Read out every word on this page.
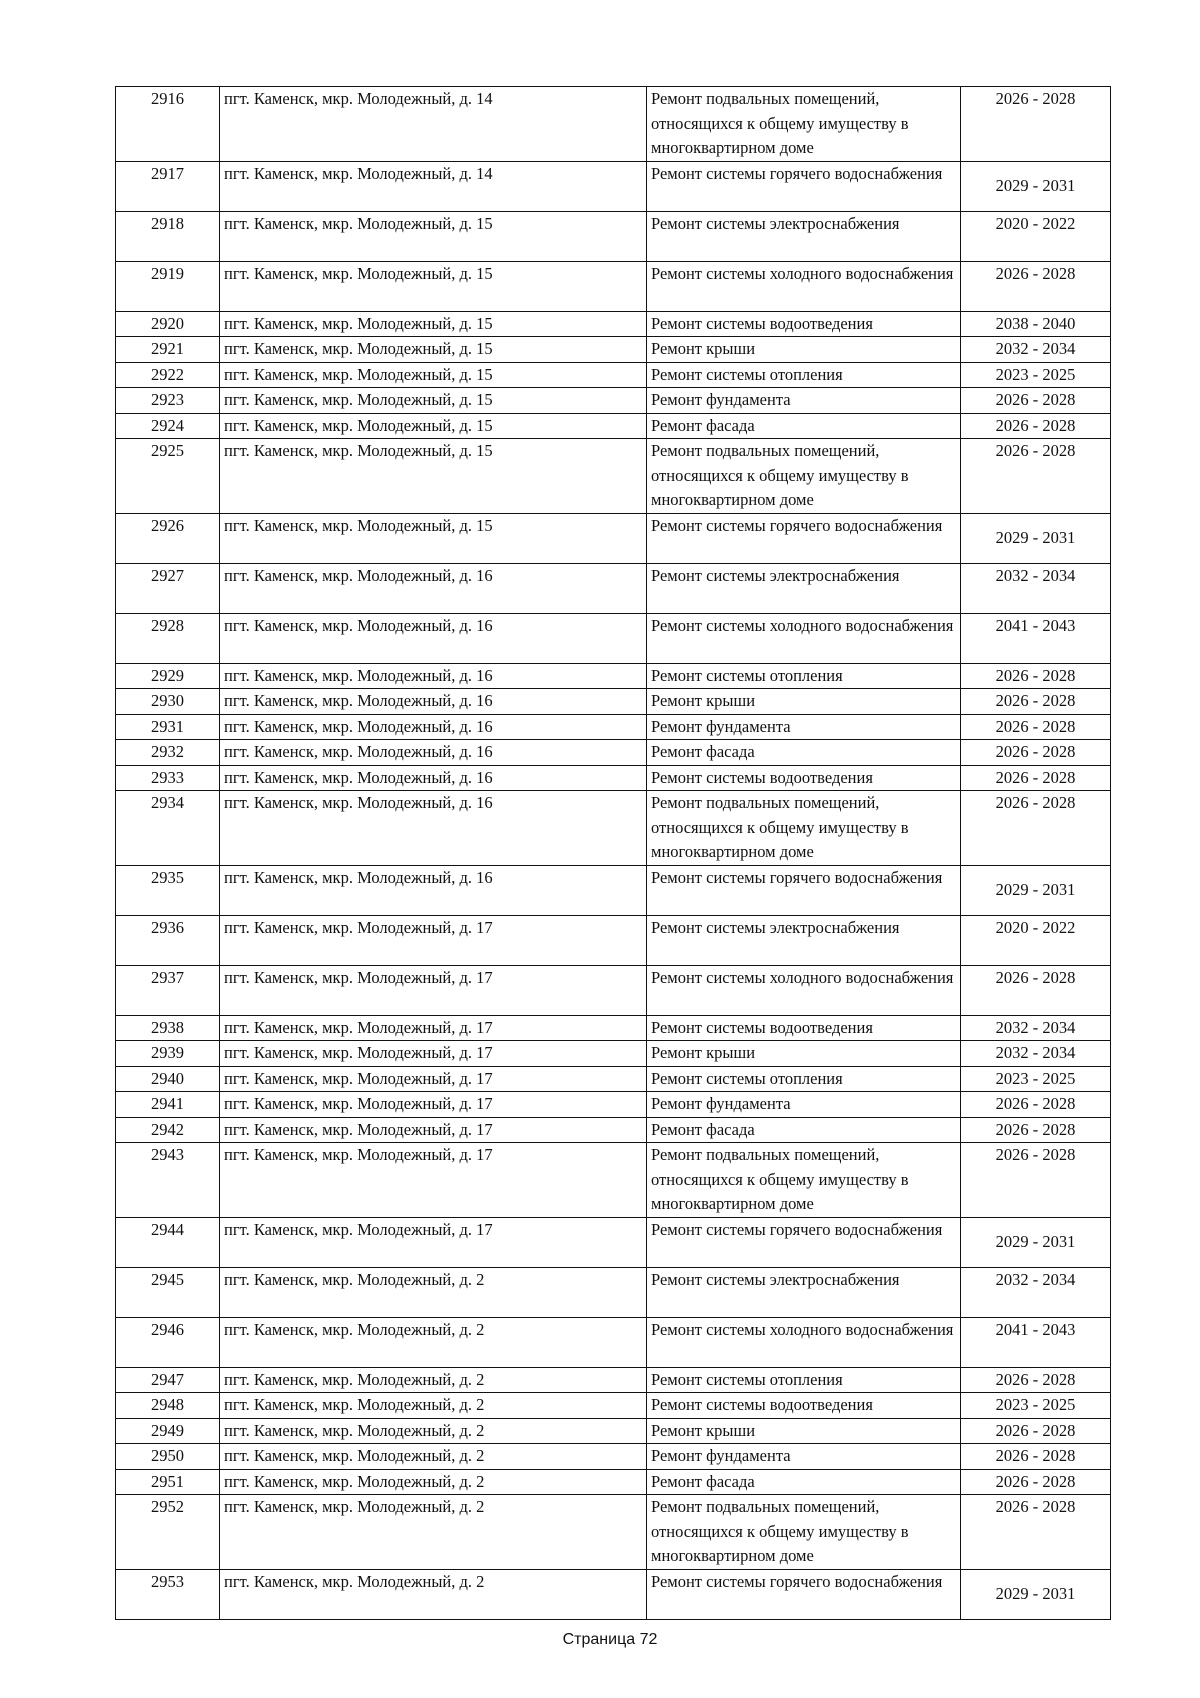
2916	пгт. Каменск, мкр. Молодежный, д. 14	Ремонт подвальных помещений, относящихся к общему имуществу в многоквартирном доме	2026 - 2028
2917	пгт. Каменск, мкр. Молодежный, д. 14	Ремонт системы горячего водоснабжения	2029 - 2031
2918	пгт. Каменск, мкр. Молодежный, д. 15	Ремонт системы электроснабжения	2020 - 2022
2919	пгт. Каменск, мкр. Молодежный, д. 15	Ремонт системы холодного водоснабжения	2026 - 2028
2920	пгт. Каменск, мкр. Молодежный, д. 15	Ремонт системы водоотведения	2038 - 2040
2921	пгт. Каменск, мкр. Молодежный, д. 15	Ремонт крыши	2032 - 2034
2922	пгт. Каменск, мкр. Молодежный, д. 15	Ремонт системы отопления	2023 - 2025
2923	пгт. Каменск, мкр. Молодежный, д. 15	Ремонт фундамента	2026 - 2028
2924	пгт. Каменск, мкр. Молодежный, д. 15	Ремонт фасада	2026 - 2028
2925	пгт. Каменск, мкр. Молодежный, д. 15	Ремонт подвальных помещений, относящихся к общему имуществу в многоквартирном доме	2026 - 2028
2926	пгт. Каменск, мкр. Молодежный, д. 15	Ремонт системы горячего водоснабжения	2029 - 2031
2927	пгт. Каменск, мкр. Молодежный, д. 16	Ремонт системы электроснабжения	2032 - 2034
2928	пгт. Каменск, мкр. Молодежный, д. 16	Ремонт системы холодного водоснабжения	2041 - 2043
2929	пгт. Каменск, мкр. Молодежный, д. 16	Ремонт системы отопления	2026 - 2028
2930	пгт. Каменск, мкр. Молодежный, д. 16	Ремонт крыши	2026 - 2028
2931	пгт. Каменск, мкр. Молодежный, д. 16	Ремонт фундамента	2026 - 2028
2932	пгт. Каменск, мкр. Молодежный, д. 16	Ремонт фасада	2026 - 2028
2933	пгт. Каменск, мкр. Молодежный, д. 16	Ремонт системы водоотведения	2026 - 2028
2934	пгт. Каменск, мкр. Молодежный, д. 16	Ремонт подвальных помещений, относящихся к общему имуществу в многоквартирном доме	2026 - 2028
2935	пгт. Каменск, мкр. Молодежный, д. 16	Ремонт системы горячего водоснабжения	2029 - 2031
2936	пгт. Каменск, мкр. Молодежный, д. 17	Ремонт системы электроснабжения	2020 - 2022
2937	пгт. Каменск, мкр. Молодежный, д. 17	Ремонт системы холодного водоснабжения	2026 - 2028
2938	пгт. Каменск, мкр. Молодежный, д. 17	Ремонт системы водоотведения	2032 - 2034
2939	пгт. Каменск, мкр. Молодежный, д. 17	Ремонт крыши	2032 - 2034
2940	пгт. Каменск, мкр. Молодежный, д. 17	Ремонт системы отопления	2023 - 2025
2941	пгт. Каменск, мкр. Молодежный, д. 17	Ремонт фундамента	2026 - 2028
2942	пгт. Каменск, мкр. Молодежный, д. 17	Ремонт фасада	2026 - 2028
2943	пгт. Каменск, мкр. Молодежный, д. 17	Ремонт подвальных помещений, относящихся к общему имуществу в многоквартирном доме	2026 - 2028
2944	пгт. Каменск, мкр. Молодежный, д. 17	Ремонт системы горячего водоснабжения	2029 - 2031
2945	пгт. Каменск, мкр. Молодежный, д. 2	Ремонт системы электроснабжения	2032 - 2034
2946	пгт. Каменск, мкр. Молодежный, д. 2	Ремонт системы холодного водоснабжения	2041 - 2043
2947	пгт. Каменск, мкр. Молодежный, д. 2	Ремонт системы отопления	2026 - 2028
2948	пгт. Каменск, мкр. Молодежный, д. 2	Ремонт системы водоотведения	2023 - 2025
2949	пгт. Каменск, мкр. Молодежный, д. 2	Ремонт крыши	2026 - 2028
2950	пгт. Каменск, мкр. Молодежный, д. 2	Ремонт фундамента	2026 - 2028
2951	пгт. Каменск, мкр. Молодежный, д. 2	Ремонт фасада	2026 - 2028
2952	пгт. Каменск, мкр. Молодежный, д. 2	Ремонт подвальных помещений, относящихся к общему имуществу в многоквартирном доме	2026 - 2028
2953	пгт. Каменск, мкр. Молодежный, д. 2	Ремонт системы горячего водоснабжения	2029 - 2031
Страница 72
